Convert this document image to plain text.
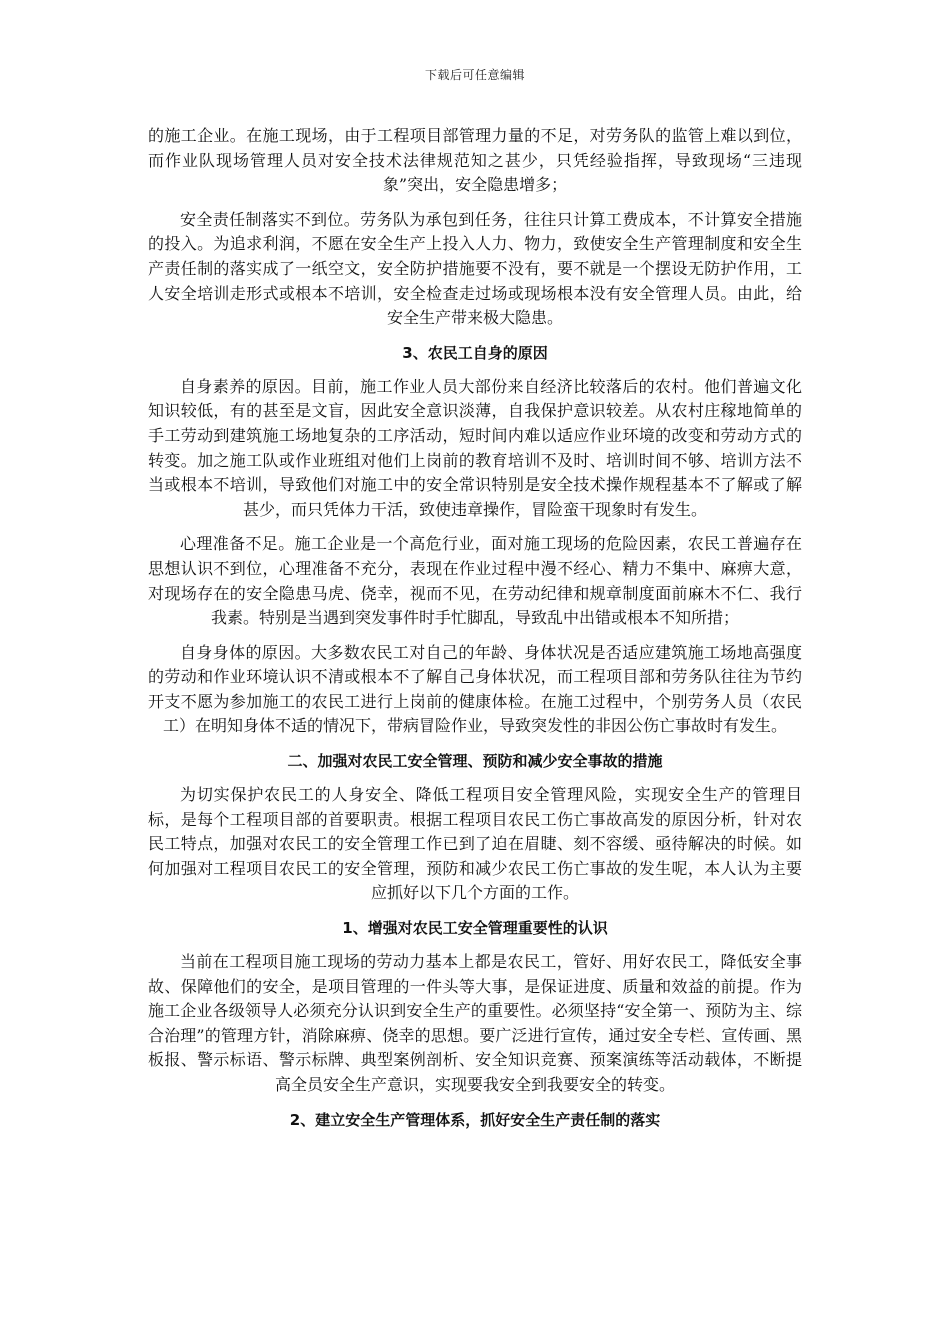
下载后可任意编辑

的施工企业。在施工现场，由于工程项目部管理力量的不足，对劳务队的监管上难以到位，而作业队现场管理人员对安全技术法律规范知之甚少，只凭经验指挥，导致现场“三违现象”突出，安全隐患增多；

安全责任制落实不到位。劳务队为承包到任务，往往只计算工费成本，不计算安全措施的投入。为追求利润，不愿在安全生产上投入人力、物力，致使安全生产管理制度和安全生产责任制的落实成了一纸空文，安全防护措施要不没有，要不就是一个摆设无防护作用，工人安全培训走形式或根本不培训，安全检查走过场或现场根本没有安全管理人员。由此，给安全生产带来极大隐患。

3、农民工自身的原因

自身素养的原因。目前，施工作业人员大部份来自经济比较落后的农村。他们普遍文化知识较低，有的甚至是文盲，因此安全意识淡薄，自我保护意识较差。从农村庄稼地简单的手工劳动到建筑施工场地复杂的工序活动，短时间内难以适应作业环境的改变和劳动方式的转变。加之施工队或作业班组对他们上岗前的教育培训不及时、培训时间不够、培训方法不当或根本不培训，导致他们对施工中的安全常识特别是安全技术操作规程基本不了解或了解甚少，而只凭体力干活，致使违章操作，冒险蛮干现象时有发生。

心理准备不足。施工企业是一个高危行业，面对施工现场的危险因素，农民工普遍存在思想认识不到位，心理准备不充分，表现在作业过程中漫不经心、精力不集中、麻痹大意，对现场存在的安全隐患马虎、侥幸，视而不见，在劳动纪律和规章制度面前麻木不仁、我行我素。特别是当遇到突发事件时手忙脚乱，导致乱中出错或根本不知所措；

自身身体的原因。大多数农民工对自己的年龄、身体状况是否适应建筑施工场地高强度的劳动和作业环境认识不清或根本不了解自己身体状况，而工程项目部和劳务队往往为节约开支不愿为参加施工的农民工进行上岗前的健康体检。在施工过程中，个别劳务人员（农民工）在明知身体不适的情况下，带病冒险作业，导致突发性的非因公伤亡事故时有发生。

二、加强对农民工安全管理、预防和减少安全事故的措施

为切实保护农民工的人身安全、降低工程项目安全管理风险，实现安全生产的管理目标，是每个工程项目部的首要职责。根据工程项目农民工伤亡事故高发的原因分析，针对农民工特点，加强对农民工的安全管理工作已到了迫在眉睫、刻不容缓、亟待解决的时候。如何加强对工程项目农民工的安全管理，预防和减少农民工伤亡事故的发生呢，本人认为主要应抓好以下几个方面的工作。

1、增强对农民工安全管理重要性的认识

当前在工程项目施工现场的劳动力基本上都是农民工，管好、用好农民工，降低安全事故、保障他们的安全，是项目管理的一件头等大事，是保证进度、质量和效益的前提。作为施工企业各级领导人必须充分认识到安全生产的重要性。必须坚持“安全第一、预防为主、综合治理”的管理方针，消除麻痹、侥幸的思想。要广泛进行宣传，通过安全专栏、宣传画、黑板报、警示标语、警示标牌、典型案例剖析、安全知识竞赛、预案演练等活动载体，不断提高全员安全生产意识，实现要我安全到我要安全的转变。

2、建立安全生产管理体系，抓好安全生产责任制的落实
